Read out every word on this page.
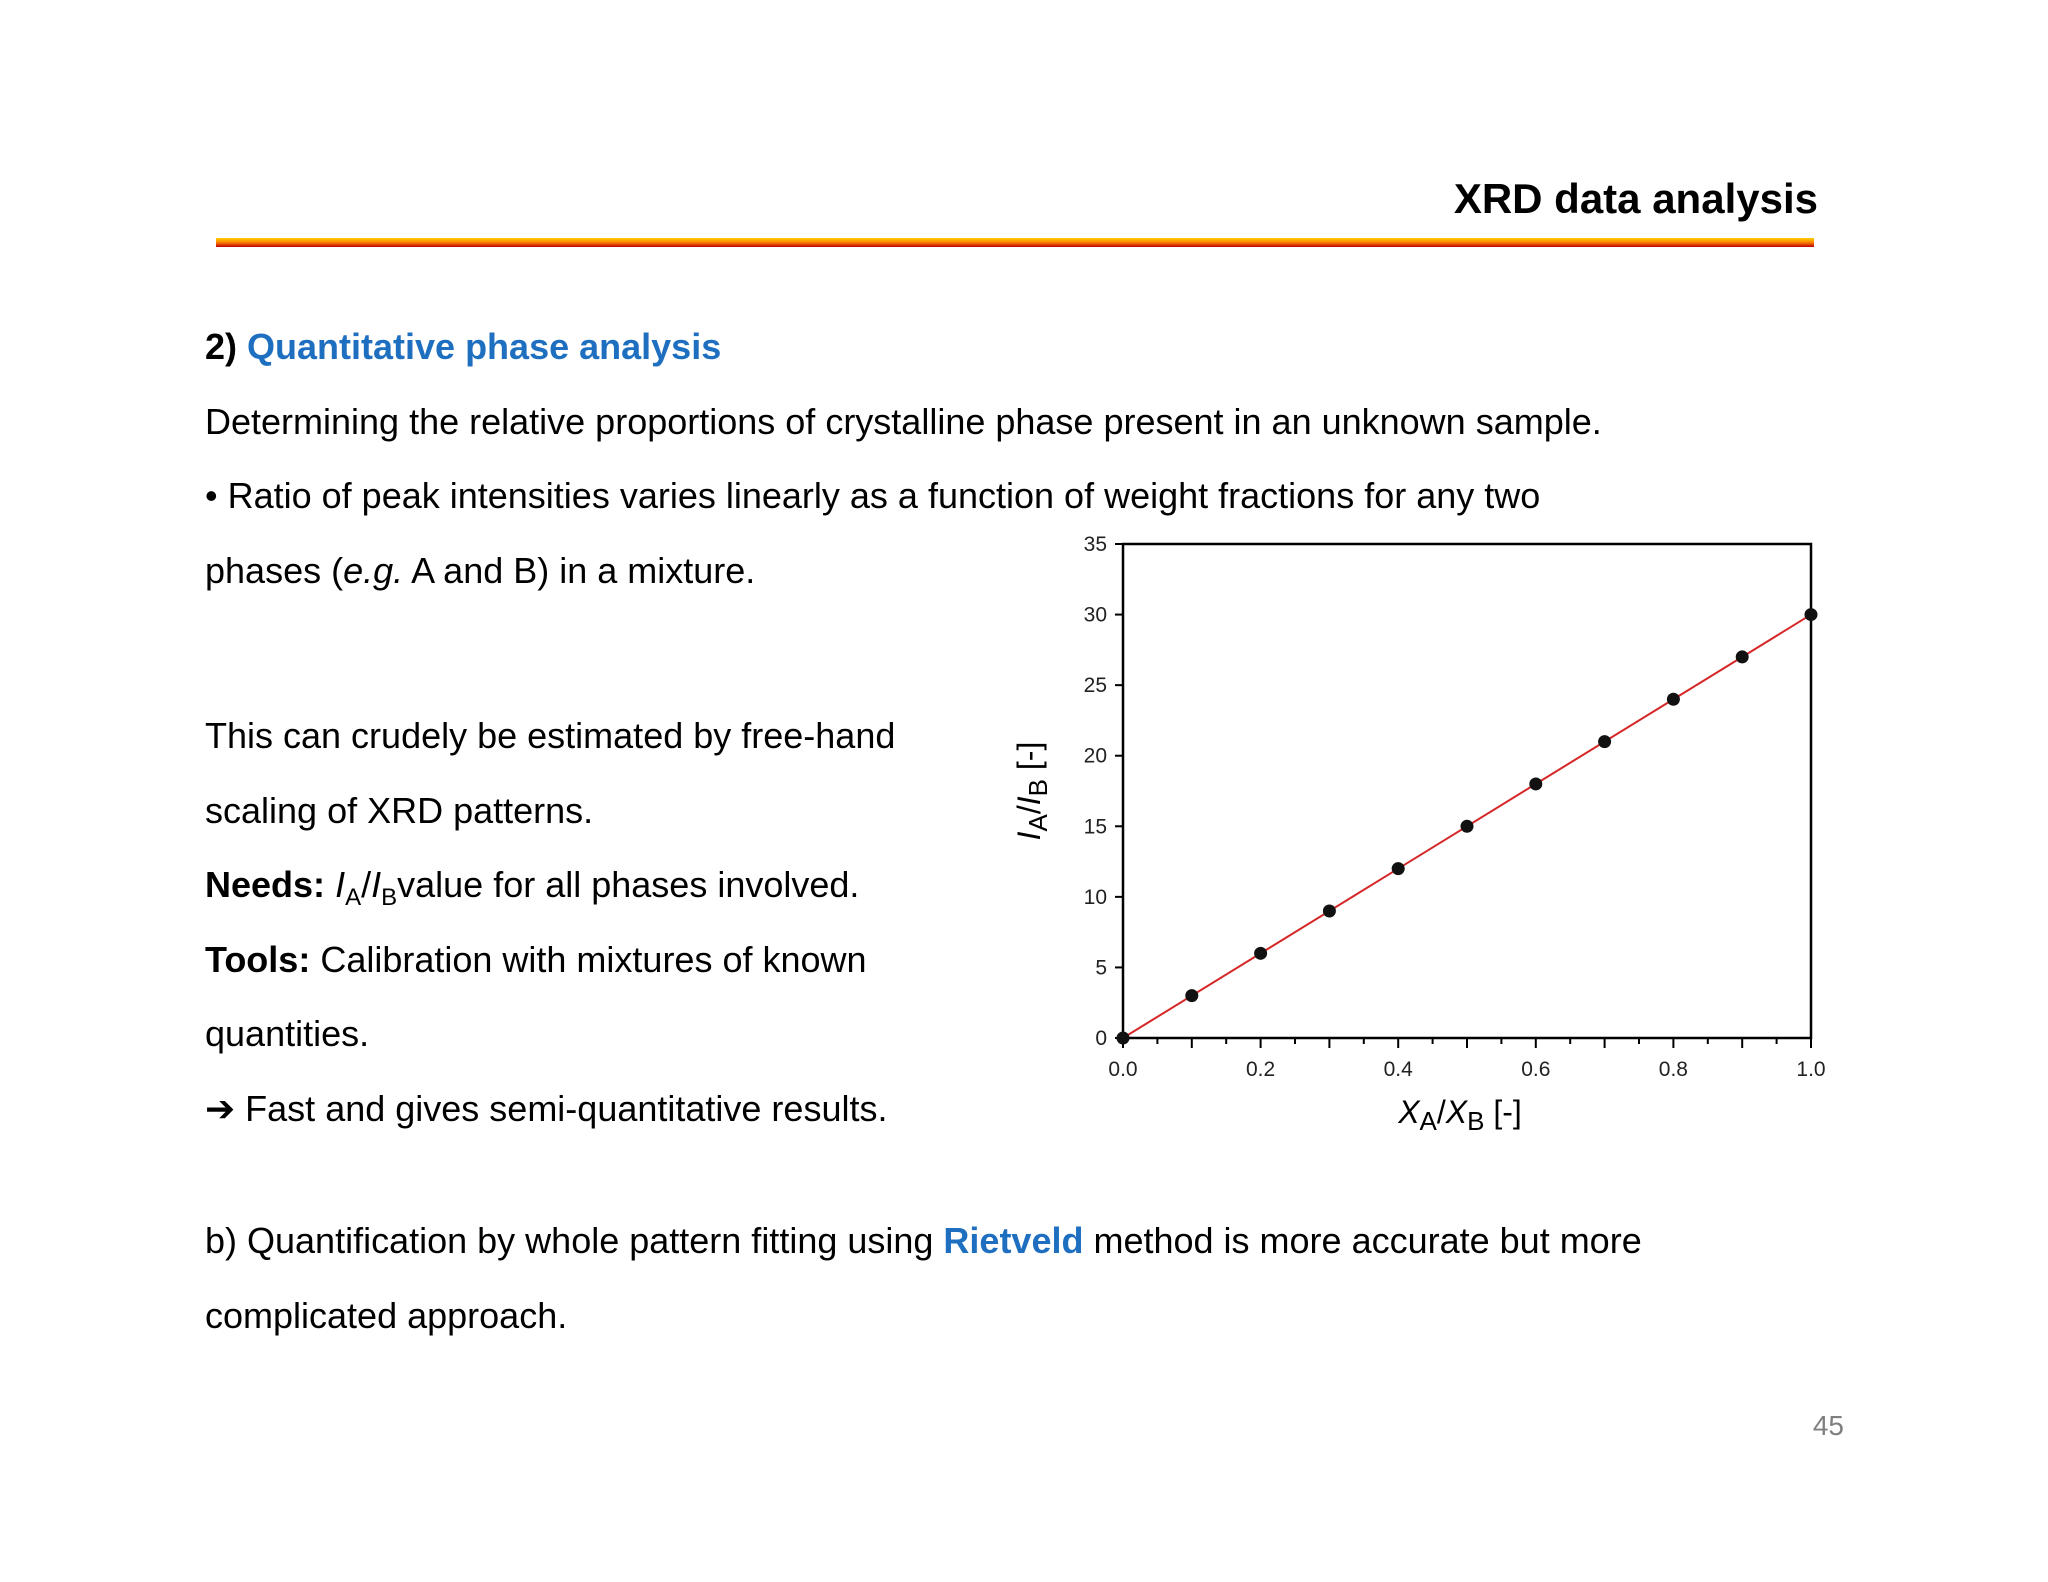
XRD data analysis
2) Quantitative phase analysis
Determining the relative proportions of crystalline phase present in an unknown sample.
• Ratio of peak intensities varies linearly as a function of weight fractions for any two
phases (e.g. A and B) in a mixture.
This can crudely be estimated by free-hand
scaling of XRD patterns.
Needs: $I_A/I_Bvalue$ for all phases involved.
Tools: Calibration with mixtures of known
quantities.
➔ Fast and gives semi-quantitative results.
b) Quantification by whole pattern fitting using Rietveld method is more accurate but more
complicated approach.
0
5
10
15
20
25
30
35
0.0	0.2	0.4	0.6	0.8	1.0
$X_A/X_B$ [-]
$I_A/I_B$ [-]
45
